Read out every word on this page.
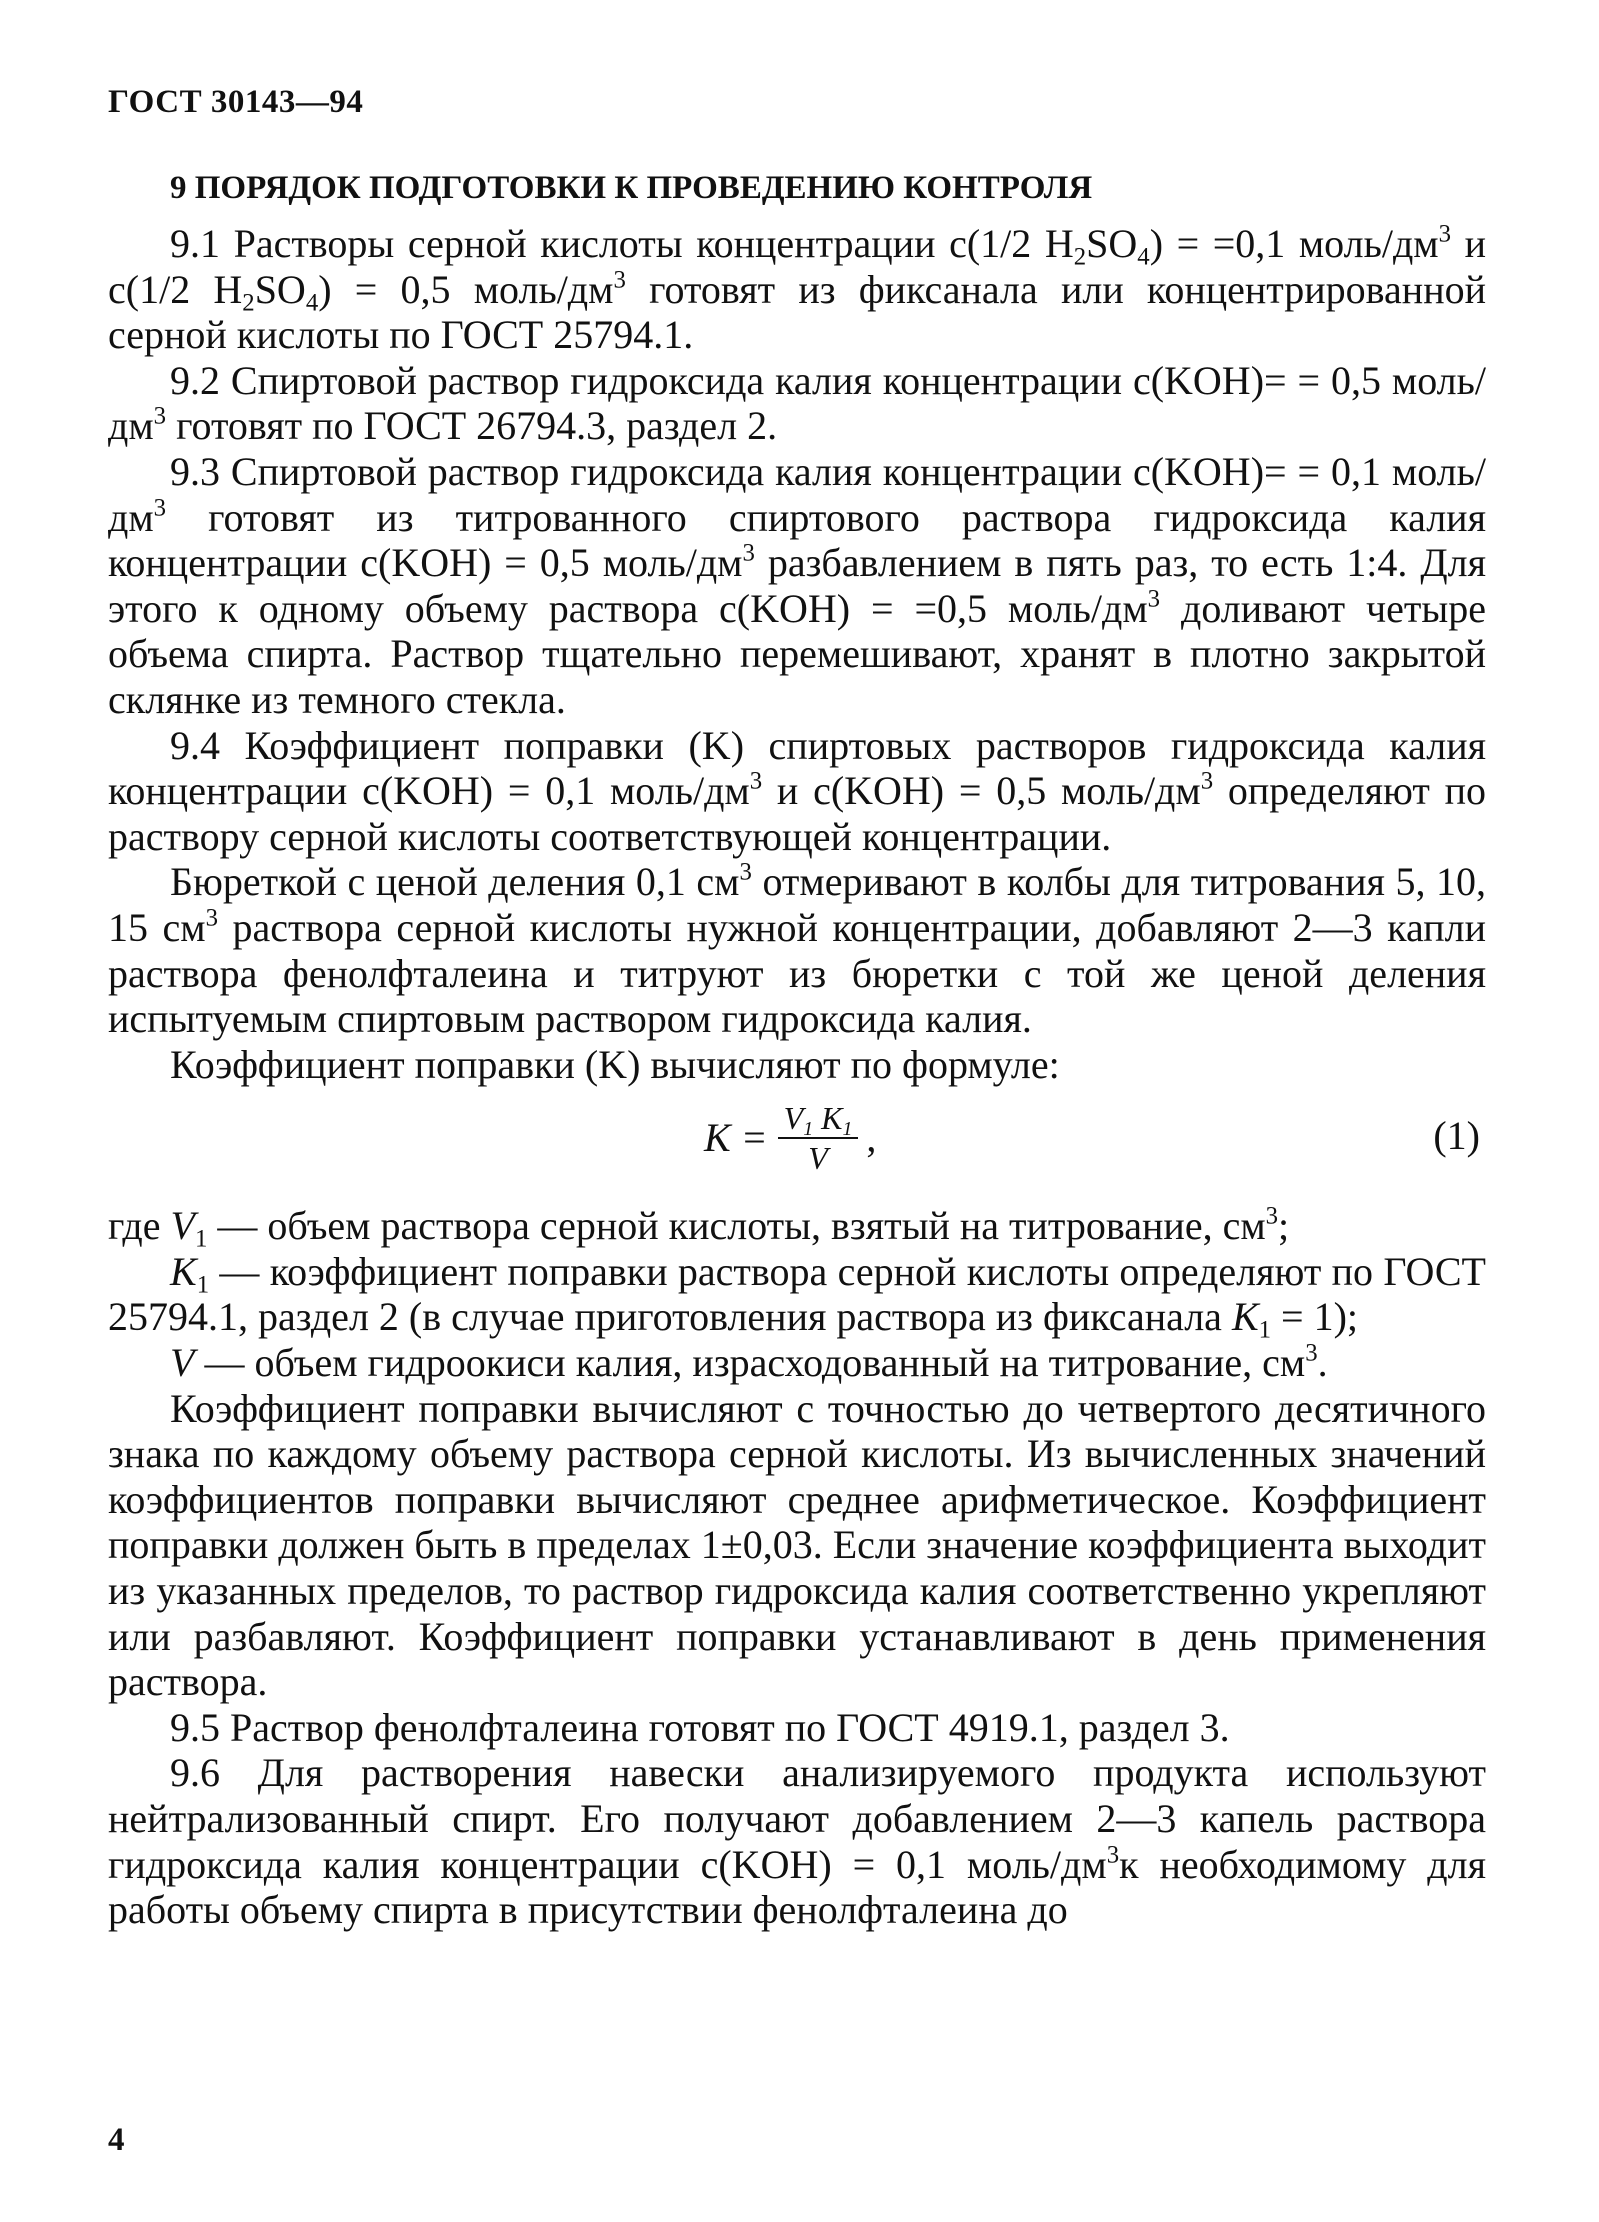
ГОСТ 30143—94
9 ПОРЯДОК ПОДГОТОВКИ К ПРОВЕДЕНИЮ КОНТРОЛЯ

9.1 Растворы серной кислоты концентрации c(1/2 $H_2SO_4) = =0,1$ моль/$дм^3$ и c(1/2 $H_2SO_4) = 0,5$ моль/$дм^3$ готовят из фиксанала или концентрированной серной кислоты по ГОСТ 25794.1.

9.2 Спиртовой раствор гидроксида калия концентрации c(KOH)= = 0,5 моль/$дм^3$ готовят по ГОСТ 26794.3, раздел 2.

9.3 Спиртовой раствор гидроксида калия концентрации c(KOH)= = 0,1 моль/$дм^3$ готовят из титрованного спиртового раствора гидроксида калия концентрации c(KOH) = 0,5 моль/$дм^3$ разбавлением в пять раз, то есть 1:4. Для этого к одному объему раствора c(KOH) = =0,5 моль/$дм^3$ доливают четыре объема спирта. Раствор тщательно перемешивают, хранят в плотно закрытой склянке из темного стекла.

9.4 Коэффициент поправки (K) спиртовых растворов гидроксида калия концентрации c(KOH) = 0,1 моль/$дм^3$ и c(KOH) = 0,5 моль/$дм^3$ определяют по раствору серной кислоты соответствующей концентрации.

Бюреткой с ценой деления 0,1 $см^3$ отмеривают в колбы для титрования 5, 10, 15 $см^3$ раствора серной кислоты нужной концентрации, добавляют 2—3 капли раствора фенолфталеина и титруют из бюретки с той же ценой деления испытуемым спиртовым раствором гидроксида калия.

Коэффициент поправки (K) вычисляют по формуле:

$K = \frac{V_1 K_1}{V}$ ,	(1)

где $V_1$ — объем раствора серной кислоты, взятый на титрование, $см^3$;

$K_1$ — коэффициент поправки раствора серной кислоты определяют по ГОСТ 25794.1, раздел 2 (в случае приготовления раствора из фиксанала $K_1 = 1$);

V — объем гидроокиси калия, израсходованный на титрование, $см^3$.

Коэффициент поправки вычисляют с точностью до четвертого десятичного знака по каждому объему раствора серной кислоты. Из вычисленных значений коэффициентов поправки вычисляют среднее арифметическое. Коэффициент поправки должен быть в пределах 1±0,03. Если значение коэффициента выходит из указанных пределов, то раствор гидроксида калия соответственно укрепляют или разбавляют. Коэффициент поправки устанавливают в день применения раствора.

9.5 Раствор фенолфталеина готовят по ГОСТ 4919.1, раздел 3.

9.6 Для растворения навески анализируемого продукта используют нейтрализованный спирт. Его получают добавлением 2—3 капель раствора гидроксида калия концентрации c(KOH) = 0,1 моль/$дм^3к$ необходимому для работы объему спирта в присутствии фенолфталеина до

4
